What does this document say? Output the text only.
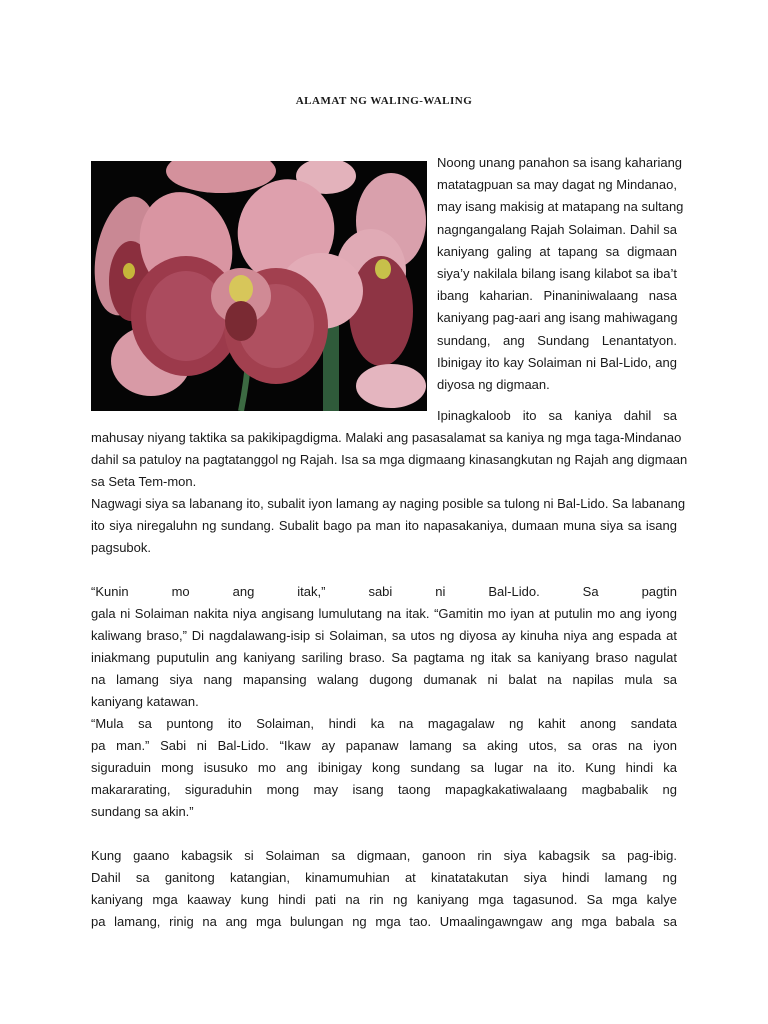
ALAMAT NG WALING-WALING
Noong unang panahon sa isang kahariang
matatagpuan sa may dagat ng Mindanao,
may isang makisig at matapang na sultang
nagngangalang Rajah Solaiman. Dahil sa
kaniyang galing at tapang sa digmaan
siya’y nakilala bilang isang kilabot sa iba’t
ibang kaharian. Pinaniniwalaang nasa
kaniyang pag-aari ang isang mahiwagang
sundang, ang Sundang Lenantatyon.
Ibinigay ito kay Solaiman ni Bal-Lido, ang
diyosa ng digmaan.
Ipinagkaloob ito sa kaniya dahil sa
mahusay niyang taktika sa pakikipagdigma. Malaki ang pasasalamat sa kaniya ng mga taga-Mindanao
dahil sa patuloy na pagtatanggol ng Rajah. Isa sa mga digmaang kinasangkutan ng Rajah ang digmaan
sa Seta Tem-mon.
Nagwagi siya sa labanang ito, subalit iyon lamang ay naging posible sa tulong ni Bal-Lido. Sa labanang
ito siya niregaluhn ng sundang. Subalit bago pa man ito napasakaniya, dumaan muna siya sa isang
pagsubok.
“Kunin mo ang itak,” sabi ni Bal-Lido. Sa pagtin
gala ni Solaiman nakita niya angisang lumulutang na itak. “Gamitin mo iyan at putulin mo ang iyong
kaliwang braso,” Di nagdalawang-isip si Solaiman, sa utos ng diyosa ay kinuha niya ang espada at
iniakmang puputulin ang kaniyang sariling braso. Sa pagtama ng itak sa kaniyang braso nagulat
na lamang siya nang mapansing walang dugong dumanak ni balat na napilas mula sa
kaniyang katawan.
“Mula sa puntong ito Solaiman, hindi ka na magagalaw ng kahit anong sandata
pa man.” Sabi ni Bal-Lido. “Ikaw ay papanaw lamang sa aking utos, sa oras na iyon
siguraduin mong isusuko mo ang ibinigay kong sundang sa lugar na ito. Kung hindi ka
makararating, siguraduhin mong may isang taong mapagkakatiwalaang magbabalik ng
sundang sa akin.”
Kung gaano kabagsik si Solaiman sa digmaan, ganoon rin siya kabagsik sa pag-ibig.
Dahil sa ganitong katangian, kinamumuhian at kinatatakutan siya hindi lamang ng
kaniyang mga kaaway kung hindi pati na rin ng kaniyang mga tagasunod. Sa mga kalye
pa lamang, rinig na ang mga bulungan ng mga tao. Umaalingawngaw ang mga babala sa
